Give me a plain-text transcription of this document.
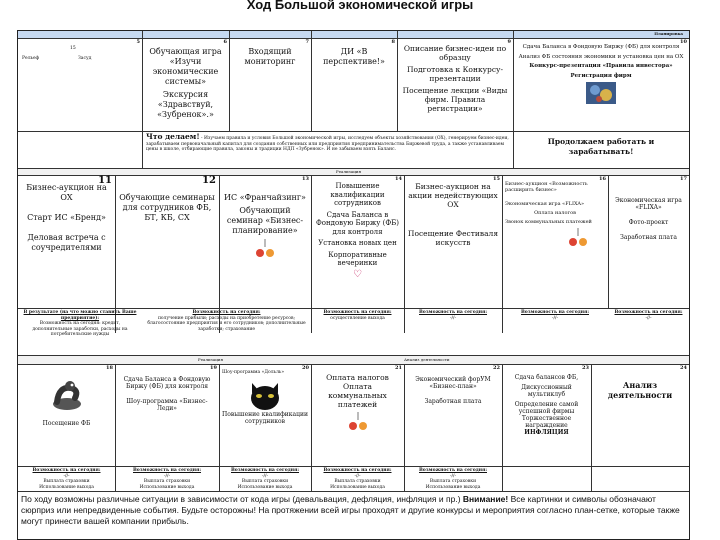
Ход Большой экономической игры
Планировка
5
15
Рельеф	Засуд
6

Обучающая игра «Изучи экономические системы»

Экскурсия «Здравствуй, «Зубренок».»

7

Входящий мониторинг

8

ДИ «В перспективе!»

9

Описание бизнес-идеи по образцу

Подготовка к Конкурсу-презентации

Посещение лекции «Виды фирм. Правила регистрации»

10

Сдача Баланса в Фондовую Биржу (ФБ) для контроля

Анализ ФБ состояния экономики и установка цен на ОХ

Конкурс-презентация «Правила инвестора»

Регистрация фирм

Что делаем! - Изучаем правила и условия Большой экономической игры, исследуем объекты хозяйствования (ОХ), генерируем бизнес-идеи, зарабатываем первоначальный капитал для создания собственных или предприятия предпринимательства Биржевой труда, а также устанавливаем цены в школе, отбирающие правила, законы и традиции НДП «Зубренок». И не забываем взять Баланс.
Продолжаем работать и зарабатывать!
Реализация
11

Бизнес-аукцион на ОХ

Старт ИС «Бренд»

Деловая встреча с соучредителями

12

Обучающие семинары для сотрудников ФБ, БТ, КБ, СХ

13

ИС «Франчайзинг»

Обучающий семинар «Бизнес-планирование»

14

Повышение квалификации сотрудников

Сдача Баланса в Фондовую Биржу (ФБ) для контроля

Установка новых цен

Корпоративные вечеринки

♡
15

Бизнес-аукцион на акции недействующих ОХ

Посещение Фестиваля искусств

16

Бизнес-аукцион «Возможность расширить бизнес»

Экономическая игра «FLIXA»

Оплата налогов

Звонок коммунальных платежей

17

Экономическая игра «FLIXA»

Фото-проект

Заработная плата

В результате (на что можно ставить Ваше предприятие):
Возможность на сегодня: кредит, дополнительные заработки, расходы на потребительские нужды
Возможность на сегодня:
получение прибыли; расходы на приобретение ресурсов; благосостояние предприятия и его сотрудников; дополнительные заработки; страхование
Возможность на сегодня:
осуществление выхода
Возможность на сегодня:
-//-
Возможность на сегодня:
-//-
Возможность на сегодня:
-//-
Реализация	Анализ деятельности
18

Посещение ФБ

19

Сдача Баланса в Фондовую Биржу (ФБ) для контроля

Шоу-программа «Бизнес-Леди»

20

Шоу-программа «Дольль»

Повышение квалификации сотрудников

21

Оплата налогов

Оплата коммунальных платежей

22

Экономический форУМ «Бизнес-план»

Заработная плата

23

Сдача балансов ФБ,

Дискуссионный мультиклуб

Определение самой успешной фирмы

Торжественное награждение

ИНФЛЯЦИЯ

24

Анализ деятельности

Возможность на сегодня:
-//-
Выплата страховки
Использование выхода
Возможность на сегодня:
-//-
Выплата страховки
Использование выхода
Возможность на сегодня:
-//-
Выплата страховки
Использование выхода
Возможность на сегодня:
-//-
Выплата страховки
Использование выхода
Возможность на сегодня:
-//-
Выплата страховки
Использование выхода
По ходу возможны различные ситуации в зависимости от кода игры (девальвация, дефляция, инфляция и пр.) Внимание! Все картинки и символы обозначают сюрприз или непредвиденные события. Будьте осторожны! На протяжении всей игры проходят и другие конкурсы и мероприятия согласно план-сетке, которые также могут принести вашей компании прибыль.
